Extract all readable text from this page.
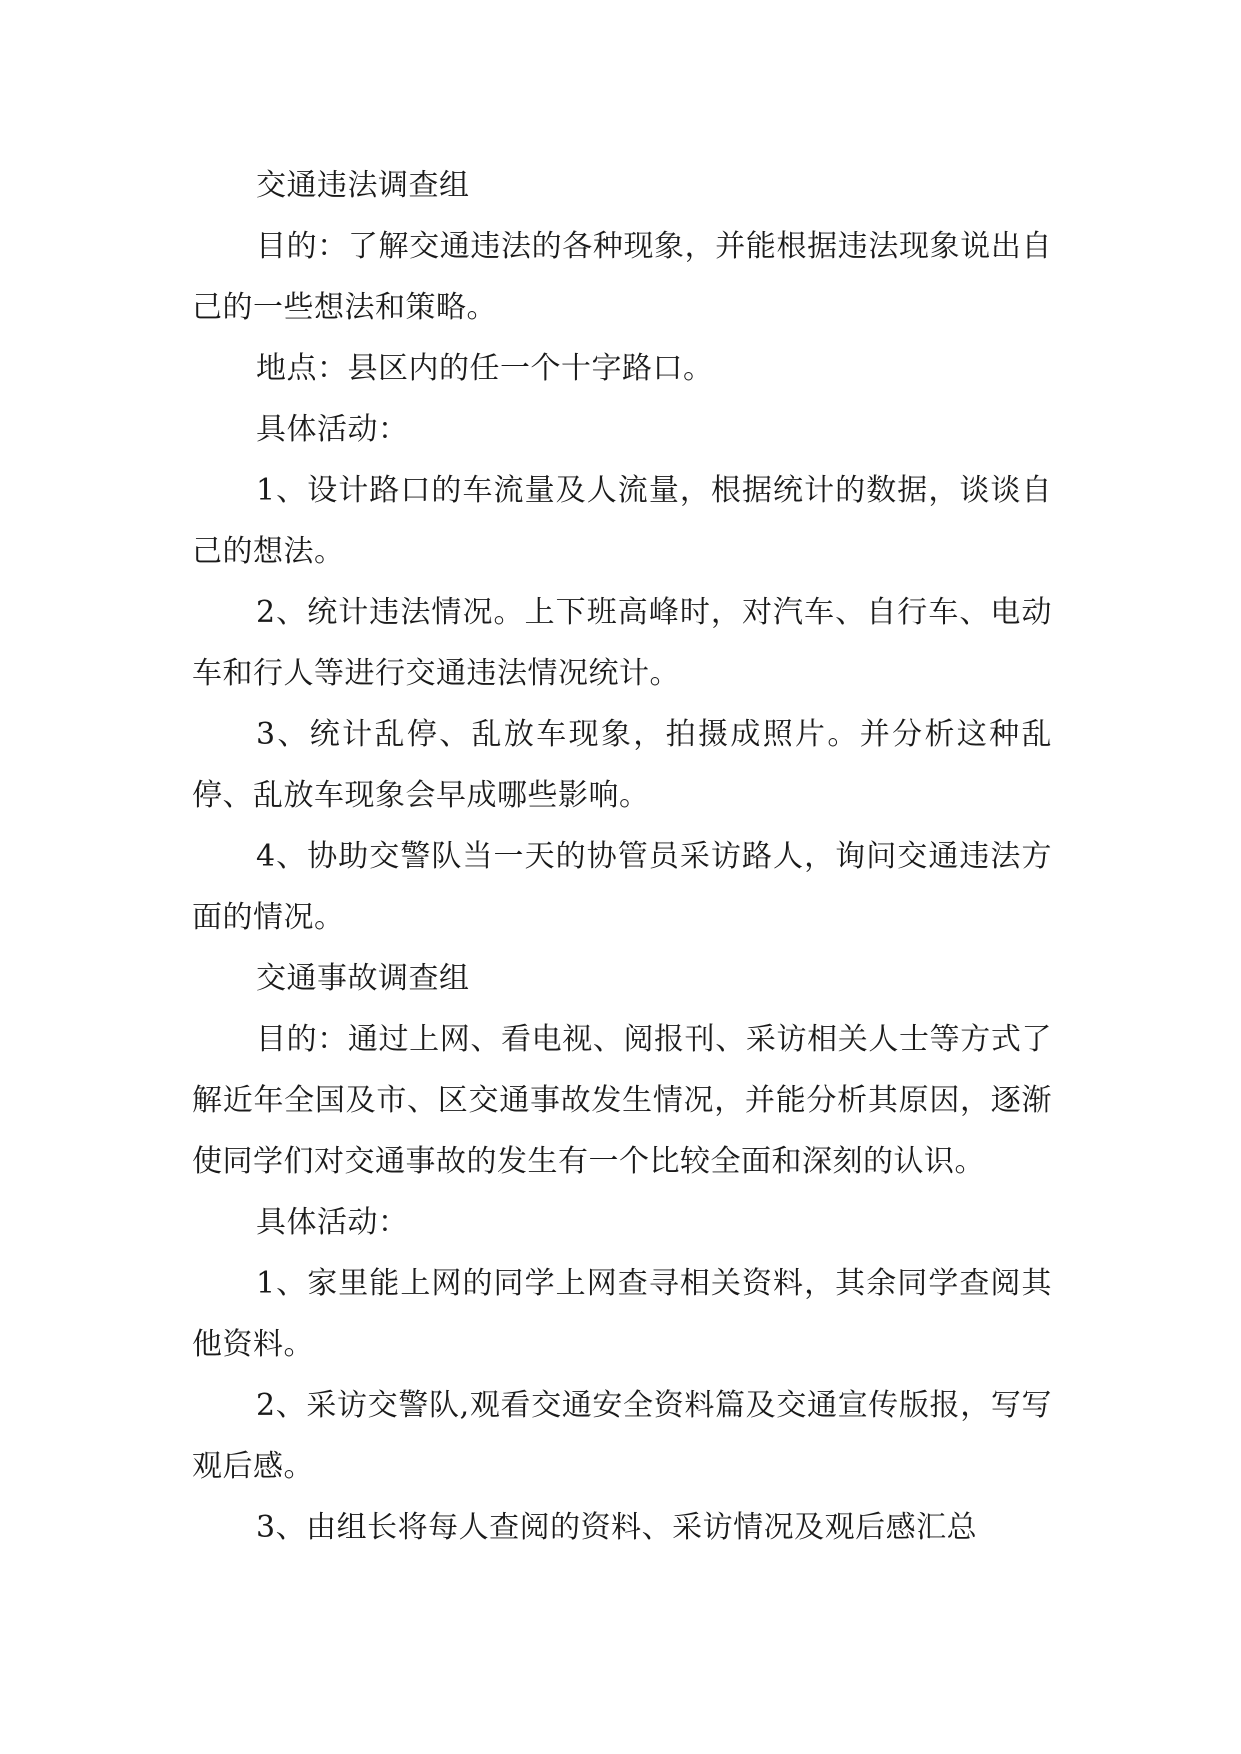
交通违法调查组

目的：了解交通违法的各种现象，并能根据违法现象说出自己的一些想法和策略。

地点：县区内的任一个十字路口。

具体活动：

1、设计路口的车流量及人流量，根据统计的数据，谈谈自己的想法。

2、统计违法情况。上下班高峰时，对汽车、自行车、电动车和行人等进行交通违法情况统计。

3、统计乱停、乱放车现象，拍摄成照片。并分析这种乱停、乱放车现象会早成哪些影响。

4、协助交警队当一天的协管员采访路人，询问交通违法方面的情况。

交通事故调查组

目的：通过上网、看电视、阅报刊、采访相关人士等方式了解近年全国及市、区交通事故发生情况，并能分析其原因，逐渐使同学们对交通事故的发生有一个比较全面和深刻的认识。

具体活动：

1、家里能上网的同学上网查寻相关资料，其余同学查阅其他资料。

2、采访交警队,观看交通安全资料篇及交通宣传版报，写写观后感。

3、由组长将每人查阅的资料、采访情况及观后感汇总
